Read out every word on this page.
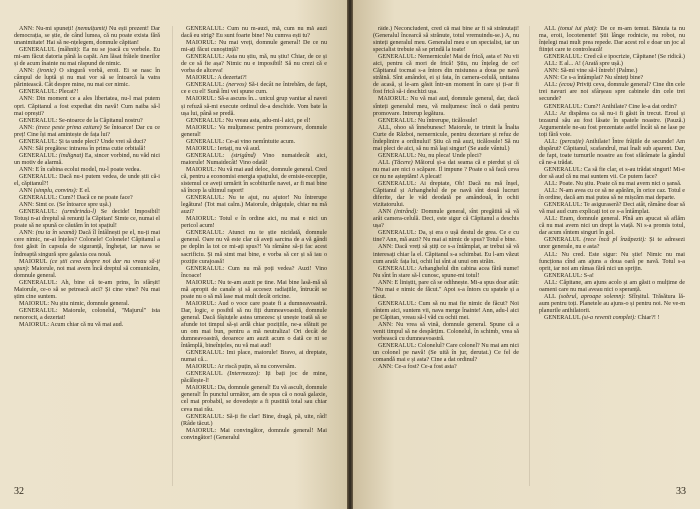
ANN: Nu-mi spuneți! (nemulțumit) Nu ești prezent! Dar democrația, se știe, de când lumea, că nu poate exista fără unanimitate! Hai să ne-nțelegem, domnule căpitan!

GENERALUL (mâhnit): Ea nu se joacă cu vorbele. Eu mi-am făcut datoria până la capăt. Am lăsat frâiele tinerilor și de acum înainte nu mai răspund de nimic.

ANN: (ironic) O singură vorbă, eroii. Ei se nasc în câmpul de luptă și nu mai vor să se întoarcă la vatra părintească. Cât despre mine, nu mai cer nimic.

GENERALUL: Plecat?!

ANN: Din moment ce a ales libertatea, nu-l mai putem opri. Căpitanul a fost expediat din navă! Cum naiba să-l mai oprești?

GENERALUL: Se-ntoarce de la Căpitanul nostru?

ANN: (trece peste prima ezitare) Se întoarce! Dar cu ce preț! Cine își mai amintește de fața lui?

GENERALUL: Și ta unde pleci? Unde vrei să duci?

ANN: Săi pregătesc intrarea în prima cutie orbitală!

GENERALUL: (indignat) Ea, sincer vorbind, nu văd nici un motiv de alarmă.

ANN: E în cabina ecolui model, nu-l poate vedea.

GENERALUL: Dacă nu-i putem vedea, de unde știi că-i el, căpitanul?!

ANN (simplu, convins): E el.

GENERALUL: Cum?! Dacă ce ne poate face?

ANN: Simt ce. (Se întoarce spre ușă.)

GENERALUL: (urmărindu-l) Se decide! Imposibil! Totuși n-ai dreptul să renunți la Căpitan! Simte ce, numai el poate să ne spună ce căutăm în tot spațiul!

ANN: (nu ia în seamă) Dacă îl întâlnești pe el, nu-ți mai cere nimic, ne-ai înțeles? Colonele! Colonele! Căpitanul a fost găsit în capsula de siguranță, înghețat, iar nava se îndreaptă singură spre galaxia cea nouă.

MAIORUL (ce știi ceva despre noi dar nu vreau să-ți spun): Maiorule, noi mai avem încă dreptul să comunicăm, domnule general.

GENERALUL: Ah, bine că te-am prins, în sfârșit! Maiorule, ce-o să se petreacă aici? Și cine vine? Nu mai știm cine suntem.

MAIORUL: Nu știu nimic, domnule general.

GENERALUL: Maiorule, colonelul, "Majurul" ista nenorocit, a dezertat!

MAIORUL: Acum chiar că nu vă mai aud.

GENERALUL: Cum nu m-auzi, mă, cum nu mă auzi dacă eu strig? Eu sunt foarte bine! Nu cumva ești tu?

MAIORUL: Nu mai vreți, domnule general! De ce nu mi-ați făcut cunoștință?

GENERALUL: Asta nu știu, mă, nu știu! Chiar, de ce și de ce să fie așa? Nimic nu e imposibil! Să nu crezi că e vorba de altceva!

MAIORUL: A dezertat?!

GENERALUL: (nervos) Să-i decât ne întrebăm, de fapt, ce e cu el! Sună îmi vei spune cum.

MAIORUL: Să-a ascuns în... unicul grup vanitar al navei și refuză să-mi execute ordinul de-a deschide. Vom bate la ușa lui, până se predă.

GENERALUL: Nu vreau asta, adu-mi-l aici, pe el!

MAIORUL: Va mulțumesc pentru promovare, domnule general!

GENERALUL: Ce-ai vino nemîntuite acum.

MAIORUL: Iertați, nu vă aud.

GENERALUL: (strigând) Vino numaidecât aici, maiorule! Numaidecât! Vino odată!

MAIORUL: Nu vă mai aud deloc, domnule general. Cred că, pentru a economisi energia spațiului, de emisie-recepție, sistemul ce aveți urmărit în scobiturile navei, ar fi mai bine să încep la ultimul raport!

GENERALUL: Nu te ajut, nu ajutor! Nu întrerupe legătura! (Tot mai calm.) Maiorule, drăguțule, chiar nu mă auzi?

MAIORUL: Totul e în ordine aici, nu mai e nici un pericol acum!

GENERALUL: Atunci nu te știe nicidată, domnule general. Oare nu vă este clar că aveți sarcina de a vă gândi pe deplin la tot ce mi-ați spus?! Va rămâne să-ți fac acest sacrificiu. Și mă simt mai bine, e vorba să cer și să iau o poziție curajoasă!

GENERALUL: Cum nu mă poți vedea? Auzi! Vino încoace!

MAIORUL: Nu te-am auzit pe tine. Mai bine lasă-mă să mă apropii de canale și să accesez radiațiile, întrucât se poate nu o să mă lase mai mult decât oricine.

MAIORUL: Aud o voce care poate fi a dumneavoastră. Dar, logic, e posibil să nu fiți dumneavoastră, domnule general. Dacă fâșiuțele astea umezesc și unește toată să se afunde tot timpul să-și ardă chiar pozițiile, ne-a sfătuit pe un om mai bun, pentru a mă neutraliza! Ori decât de dumneavoastră, deoarece am auzit acum o dată ce ni se întâmplă, bineînțeles, nu vă mai aud!

GENERALUL: Imi place, maiorule! Bravo, ai dreptate, numai că...

MAIORUL: Ar riscă puțin, să nu conversăm.

GENERALUL (Intermezzo): Iți bați joc de mine, păcălește-l!

MAIORUL: Da, domnule general! Eu vă ascult, domnule general! În punctul următor, am de spus că o nouă galaxie, cel mai probabil, se dovedește a fi pustiită total sau chiar ceva mai rău.

GENERALUL: Să-ți fie clar! Bine, dragă, pă, uite, râd! (Râde tăcut.)

MAIORUL: Mai convingător, domnule general! Mai convingător! (Generalul

32

râde.) Neconcludent, cred că mai bine ar fi să strănutați! (Generalul încearcă să strănute, totul vremuindu-se.) A, nu sinteți generalul meu. Generalul meu e un specialist, iar un specialist trebuie să se prindă la toate!

GENERALUL: Nemernicule! Mai de frică, asta e! Nu vii aici, pentru că mori de frică! Știu, nu înțeleg de ce! Căpitanul tocmai s-a întors din misiunea a doua pe navă străină. Sînt amândoi, ei și fata, în camera-celulă, unitatea de acasă, și le-am găsit într-un moment în care și ți-ar fi fost frică să-i deschizi ușa.

MAIORUL: Nu vă mai aud, domnule general, dar, dacă sînteți generalul meu, vă mulțumesc încă o dată pentru promovare. Intrerup legătura.

GENERALUL: Nu întrerupe, ticălosule!

ALL, ohoo să înnebunesc! Maiorule, te trimit la Înalta Curte de Război, nemernicule, pentru dezertare și refuz de îndeplinire a ordinului! Știu că mă auzi, ticălosule! Să nu mai pleci de aici, să nu mă lași singur! (Se aude vântul.)

GENERALUL: Nu, nu pleca! Unde pleci?

ALL (Tăcere) Măiorul și-a dat seama că e pierdut și că nu mai are nici o scăpare. Il impune ? Poate o să facă ceva ce nu ne așteptăm! A plecat!

GENERALUL: Ai dreptate, Oh! Dacă nu mă înșel, Căpitanul și Arhanghelul de pe navă sînt două lucruri diferite, dar le văd deodată pe amândouă, în ochii vizitatorului.

ANN (intrând): Domnule general, sînt pregătită să vă arăt camera-celulă. Deci, este sigur că Căpitanul a deschis ușa?

GENERALUL: Da, și era o ușă destul de grea. Ce e cu tine? Ann, mă auzi? Nu mai ai nimic de spus? Totul e bine.

ANN: Dacă vreți să știți ce s-a întâmplat, ar trebui să vă interesați chiar la el. Căpitanul s-a schimbat. Eu l-am văzut cum arată: fața lui, ochii lui sînt ai unui om străin.

GENERALUL: Arhanghelul din cabina acea fără nume! Nu sînt în stare să-l cunosc, spune-mi totul!

ANN: E liniștit, pare că se odihnește. Mi-a spus doar atât: "Nu mai e nimic de făcut." Apoi s-a întors cu spatele și a tăcut.

GENERALUL: Cum să nu mai fie nimic de făcut? Noi sîntem aici, suntem vii, nava merge înainte! Ann, adu-l aici pe Căpitan, vreau să-l văd cu ochii mei.

ANN: Nu vrea să vină, domnule general. Spune că a venit timpul să ne despărțim. Colonelul, în schimb, vrea să vorbească cu dumneavoastră.

GENERALUL: Colonelul? Care colonel? Nu mai am nici un colonel pe navă! (Se uită în jur, derutat.) Ce fel de comandă mai e și asta? Cine a dat ordinul?

ANN: Ce-a fost? Ce-a fost asta?

ALL (tonul lui plat): De ce m-am temut. Bănuia ta nu ma, eroii, locotenente! Știi lânge rodnicie, nu robot, nu înțelegi mai mult prea repede. Dar acest rol e doar un joc al ființei care te controlează!

GENERALUL: Cred că e ipocrizie, Căpitane! (Se ridică.)

ALL: E al... A! (Arată spre ușă.)

ANN: Să-mi vine să-l întreb! (Palme.)

ANN: Ce s-a întâmplat? Nu sînteți bine?

ALL: (ecou) Priviți ceva, domnule general? Cine din cele trei navuri are noi sfârșeau spre cabinele din cele trei secunde?

GENERALUL: Cum?! Anihilate? Cine le-a dat ordin?

ALL: Ar dispărea ca să nu-i fi găsit în trecut. Eroul și tezaurul său au fost lăsate în spatele noastre. (Pauză.) Argumentele ne-au fost prezentate astfel încât să ne lase pe toți fără voie.

ALL: (percuție) Anihilate! Între frățiile de secunde! Am dispărut? Căpitanul, scafandrul, mai înalt sub aparent. Dar, de fapt, toate turnurile noastre au fost sfărâmate la gândul că ne-a trădat.

GENERALUL: Ca să fie clar, ei s-au trădat singuri! Mi-e dor să aud că nu mai suntem vii. Ce putem face?

ALL: Poate. Nu știu. Poate că nu mai avem nici o șansă.

ALL: N-am avea cu ce să ne apărăm, în orice caz. Totul e în ordine, dacă am mai putea să ne mișcăm mai departe.

GENERALUL: Te asiguraseră? Deci atât, rămâne doar să vă mai aud cum explicați tot ce s-a întâmplat.

ALL: Eram, domnule general. Pînă am apucat să aflăm că nu mai avem nici un drept la viață. Ni s-a promis totul, dar acum sîntem singuri în gol.

GENERALUL (rece încă pl înzăpezit): Și te adresezi unor generale, nu e asta?

ALL: Nu cred. Este sigur: Nu știe! Nimic nu mai funcționa cînd am ajuns a doua oară pe navă. Totul s-a oprit, iar noi am rămas fără nici un sprijin.

GENERALUL: S-a!

ALL: Căpitane, am ajuns acolo și am găsit o mulțime de oameni care nu mai aveau nici o speranță.

ALL (sobrul, aproape solemn): Sfîrșitul. Trăsătura lă-aum pentru toți. Planetele au ajuns-o și pentru noi. Ne ve-m planurile anihilatorii.

GENERALUL (si-a revenit complet): Chiar?! !

33
